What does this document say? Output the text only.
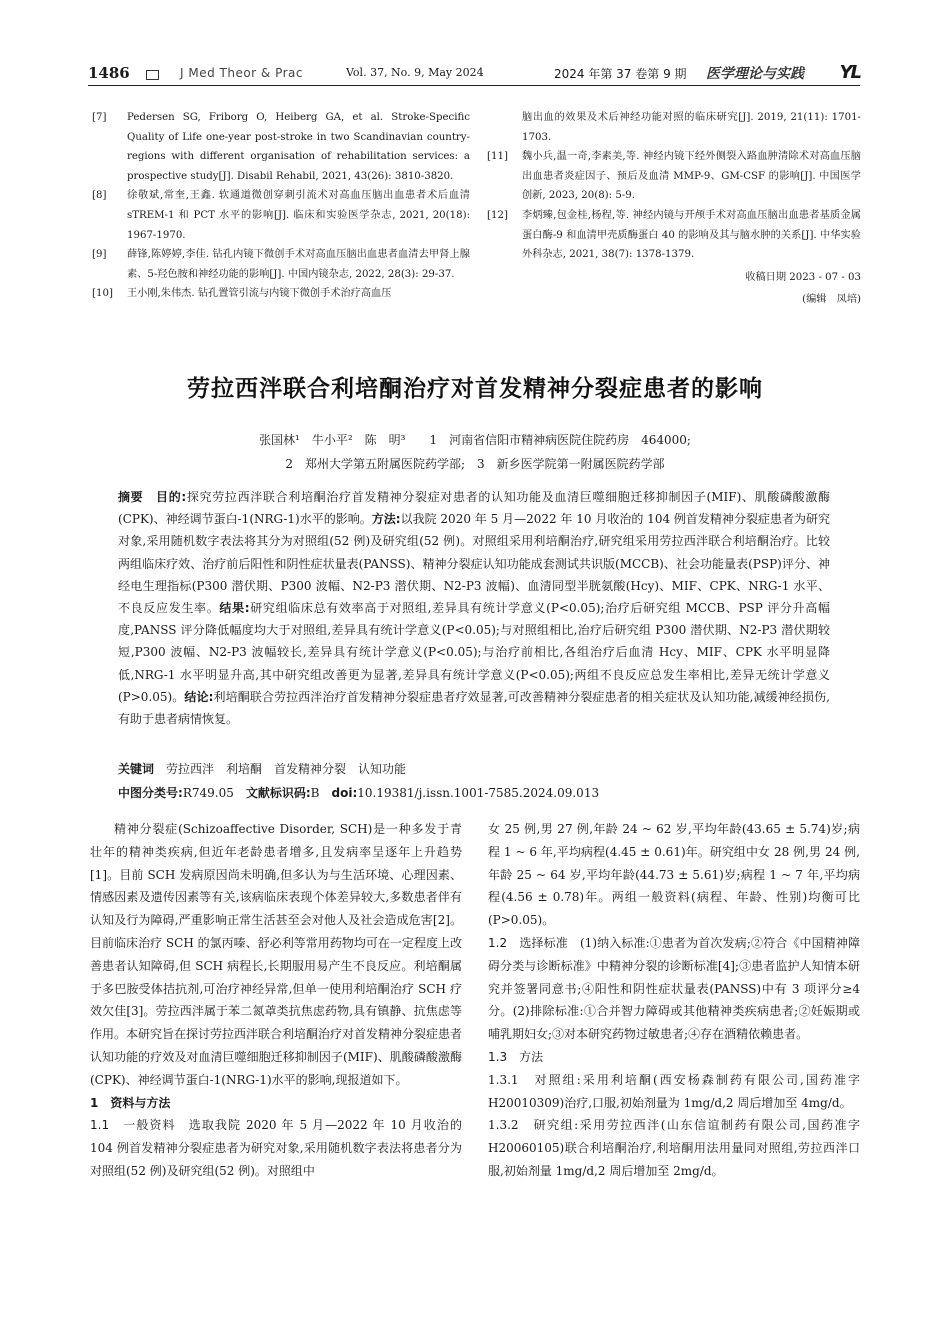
1486	J Med Theor & Prac	Vol. 37, No. 9, May 2024	2024 年第 37 卷第 9 期 医学理论与实践 YL
[7] Pedersen SG, Friborg O, Heiberg GA, et al. Stroke-Specific Quality of Life one-year post-stroke in two Scandinavian country-regions with different organisation of rehabilitation services: a prospective study[J]. Disabil Rehabil, 2021, 43(26): 3810-3820.
[8] 徐敬斌,常奎,王鑫. 软通道微创穿刺引流术对高血压脑出血患者术后血清 sTREM-1 和 PCT 水平的影响[J]. 临床和实验医学杂志, 2021, 20(18): 1967-1970.
[9] 薛锋,陈婷婷,李佳. 钻孔内镜下微创手术对高血压脑出血患者血清去甲肾上腺素、5-羟色胺和神经功能的影响[J]. 中国内镜杂志, 2022, 28(3): 29-37.
[10] 王小刚,朱伟杰. 钻孔置管引流与内镜下微创手术治疗高血压
脑出血的效果及术后神经功能对照的临床研究[J]. 2019, 21(11): 1701-1703.
[11] 魏小兵,温一奇,李素美,等. 神经内镜下经外侧裂入路血肿清除术对高血压脑出血患者炎症因子、预后及血清 MMP-9、GM-CSF 的影响[J]. 中国医学创新, 2023, 20(8): 5-9.
[12] 李炳臻,包金桂,杨程,等. 神经内镜与开颅手术对高血压脑出血患者基质金属蛋白酶-9 和血清甲壳质酶蛋白 40 的影响及其与脑水肿的关系[J]. 中华实验外科杂志, 2021, 38(7): 1378-1379.
收稿日期 2023 - 07 - 03
(编辑　凤培)
劳拉西泮联合利培酮治疗对首发精神分裂症患者的影响
张国林¹　牛小平²　陈　明³　　1　河南省信阳市精神病医院住院药房　464000;
2　郑州大学第五附属医院药学部;　3　新乡医学院第一附属医院药学部
摘要　 目的:探究劳拉西泮联合利培酮治疗首发精神分裂症对患者的认知功能及血清巨噬细胞迁移抑制因子(MIF)、肌酸磷酸激酶(CPK)、神经调节蛋白-1(NRG-1)水平的影响。方法:以我院 2020 年 5 月—2022 年 10 月收治的 104 例首发精神分裂症患者为研究对象,采用随机数字表法将其分为对照组(52 例)及研究组(52 例)。对照组采用利培酮治疗,研究组采用劳拉西泮联合利培酮治疗。比较两组临床疗效、治疗前后阳性和阴性症状量表(PANSS)、精神分裂症认知功能成套测试共识版(MCCB)、社会功能量表(PSP)评分、神经电生理指标(P300 潜伏期、P300 波幅、N2-P3 潜伏期、N2-P3 波幅)、血清同型半胱氨酸(Hcy)、MIF、CPK、NRG-1 水平、不良反应发生率。结果:研究组临床总有效率高于对照组,差异具有统计学意义(P<0.05);治疗后研究组 MCCB、PSP 评分升高幅度,PANSS 评分降低幅度均大于对照组,差异具有统计学意义(P<0.05);与对照组相比,治疗后研究组 P300 潜伏期、N2-P3 潜伏期较短,P300 波幅、N2-P3 波幅较长,差异具有统计学意义(P<0.05);与治疗前相比,各组治疗后血清 Hcy、MIF、CPK 水平明显降低,NRG-1 水平明显升高,其中研究组改善更为显著,差异具有统计学意义(P<0.05);两组不良反应总发生率相比,差异无统计学意义(P>0.05)。结论:利培酮联合劳拉西泮治疗首发精神分裂症患者疗效显著,可改善精神分裂症患者的相关症状及认知功能,减缓神经损伤,有助于患者病情恢复。
关键词　 劳拉西泮　利培酮　首发精神分裂　认知功能
中图分类号:R749.05　 文献标识码:B　 doi:10.19381/j.issn.1001-7585.2024.09.013

精神分裂症(Schizoaffective Disorder, SCH)是一种多发于青壮年的精神类疾病,但近年老龄患者增多,且发病率呈逐年上升趋势[1]。目前 SCH 发病原因尚未明确,但多认为与生活环境、心理因素、情感因素及遗传因素等有关,该病临床表现个体差异较大,多数患者伴有认知及行为障碍,严重影响正常生活甚至会对他人及社会造成危害[2]。目前临床治疗 SCH 的氯丙嗪、舒必利等常用药物均可在一定程度上改善患者认知障碍,但 SCH 病程长,长期服用易产生不良反应。利培酮属于多巴胺受体拮抗剂,可治疗神经异常,但单一使用利培酮治疗 SCH 疗效欠佳[3]。劳拉西泮属于苯二氮䓬类抗焦虑药物,具有镇静、抗焦虑等作用。本研究旨在探讨劳拉西泮联合利培酮治疗对首发精神分裂症患者认知功能的疗效及对血清巨噬细胞迁移抑制因子(MIF)、肌酸磷酸激酶(CPK)、神经调节蛋白-1(NRG-1)水平的影响,现报道如下。

1　资料与方法

1.1　一般资料　 选取我院 2020 年 5 月—2022 年 10 月收治的 104 例首发精神分裂症患者为研究对象,采用随机数字表法将患者分为对照组(52 例)及研究组(52 例)。对照组中

女 25 例,男 27 例,年龄 24 ~ 62 岁,平均年龄(43.65 ± 5.74)岁;病程 1 ~ 6 年,平均病程(4.45 ± 0.61)年。研究组中女 28 例,男 24 例,年龄 25 ~ 64 岁,平均年龄(44.73 ± 5.61)岁;病程 1 ~ 7 年,平均病程(4.56 ± 0.78)年。两组一般资料(病程、年龄、性别)均衡可比(P>0.05)。

1.2　选择标准　 (1)纳入标准:①患者为首次发病;②符合《中国精神障碍分类与诊断标准》中精神分裂的诊断标准[4];③患者监护人知情本研究并签署同意书;④阳性和阴性症状量表(PANSS)中有 3 项评分≥4 分。(2)排除标准:①合并智力障碍或其他精神类疾病患者;②妊娠期或哺乳期妇女;③对本研究药物过敏患者;④存在酒精依赖患者。

1.3　方法

1.3.1　对照组:采用利培酮(西安杨森制药有限公司,国药准字 H20010309)治疗,口服,初始剂量为 1mg/d,2 周后增加至 4mg/d。

1.3.2　研究组:采用劳拉西泮(山东信谊制药有限公司,国药准字 H20060105)联合利培酮治疗,利培酮用法用量同对照组,劳拉西泮口服,初始剂量 1mg/d,2 周后增加至 2mg/d。
